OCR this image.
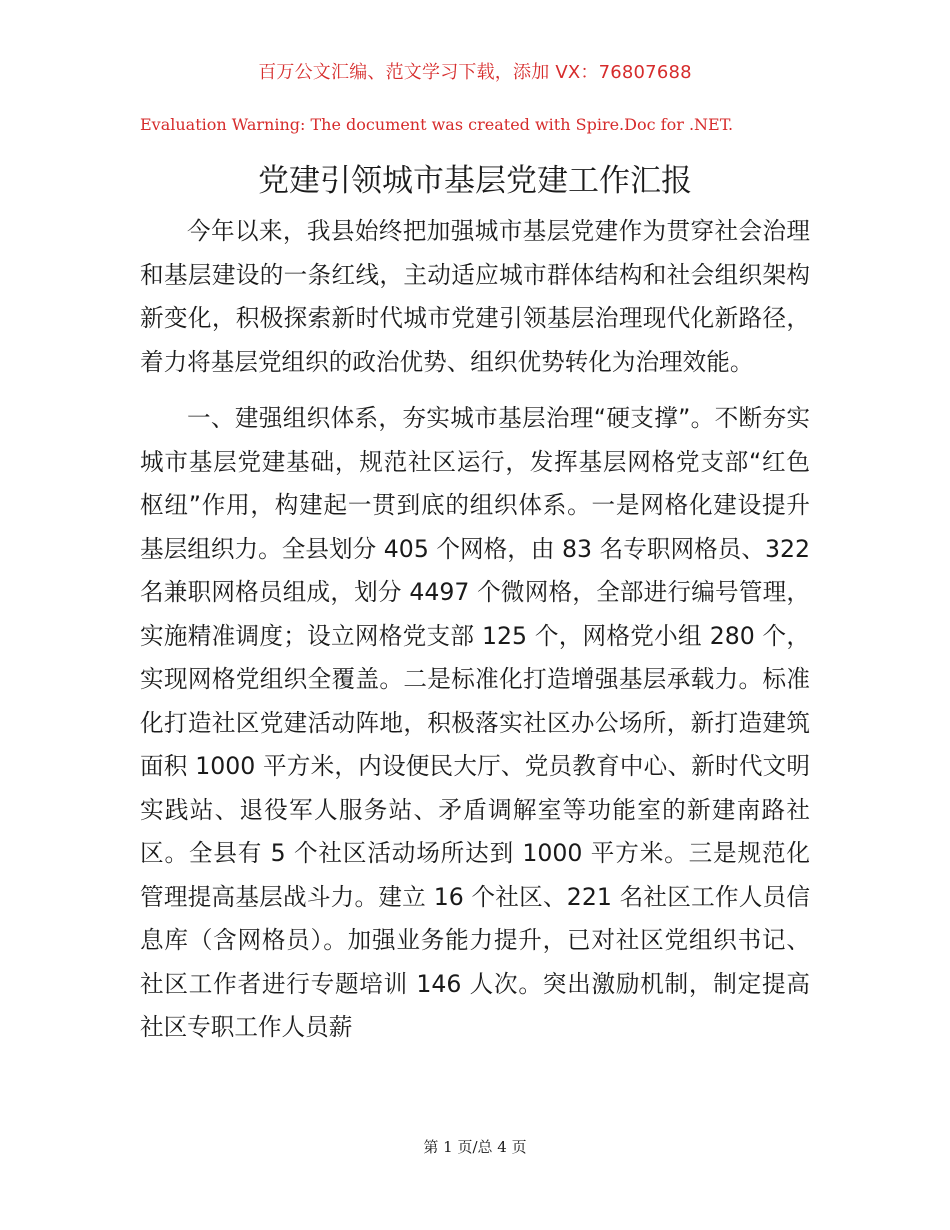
百万公文汇编、范文学习下载，添加 VX：76807688
Evaluation Warning: The document was created with Spire.Doc for .NET.
党建引领城市基层党建工作汇报

今年以来，我县始终把加强城市基层党建作为贯穿社会治理和基层建设的一条红线，主动适应城市群体结构和社会组织架构新变化，积极探索新时代城市党建引领基层治理现代化新路径，着力将基层党组织的政治优势、组织优势转化为治理效能。

一、建强组织体系，夯实城市基层治理“硬支撑”。不断夯实城市基层党建基础，规范社区运行，发挥基层网格党支部“红色枢纽”作用，构建起一贯到底的组织体系。一是网格化建设提升基层组织力。全县划分 405 个网格，由 83 名专职网格员、322 名兼职网格员组成，划分 4497 个微网格，全部进行编号管理，实施精准调度；设立网格党支部 125 个，网格党小组 280 个，实现网格党组织全覆盖。二是标准化打造增强基层承载力。标准化打造社区党建活动阵地，积极落实社区办公场所，新打造建筑面积 1000 平方米，内设便民大厅、党员教育中心、新时代文明实践站、退役军人服务站、矛盾调解室等功能室的新建南路社区。全县有 5 个社区活动场所达到 1000 平方米。三是规范化管理提高基层战斗力。建立 16 个社区、221 名社区工作人员信息库（含网格员）。加强业务能力提升，已对社区党组织书记、社区工作者进行专题培训 146 人次。突出激励机制，制定提高社区专职工作人员薪

第 1 页/总 4 页
